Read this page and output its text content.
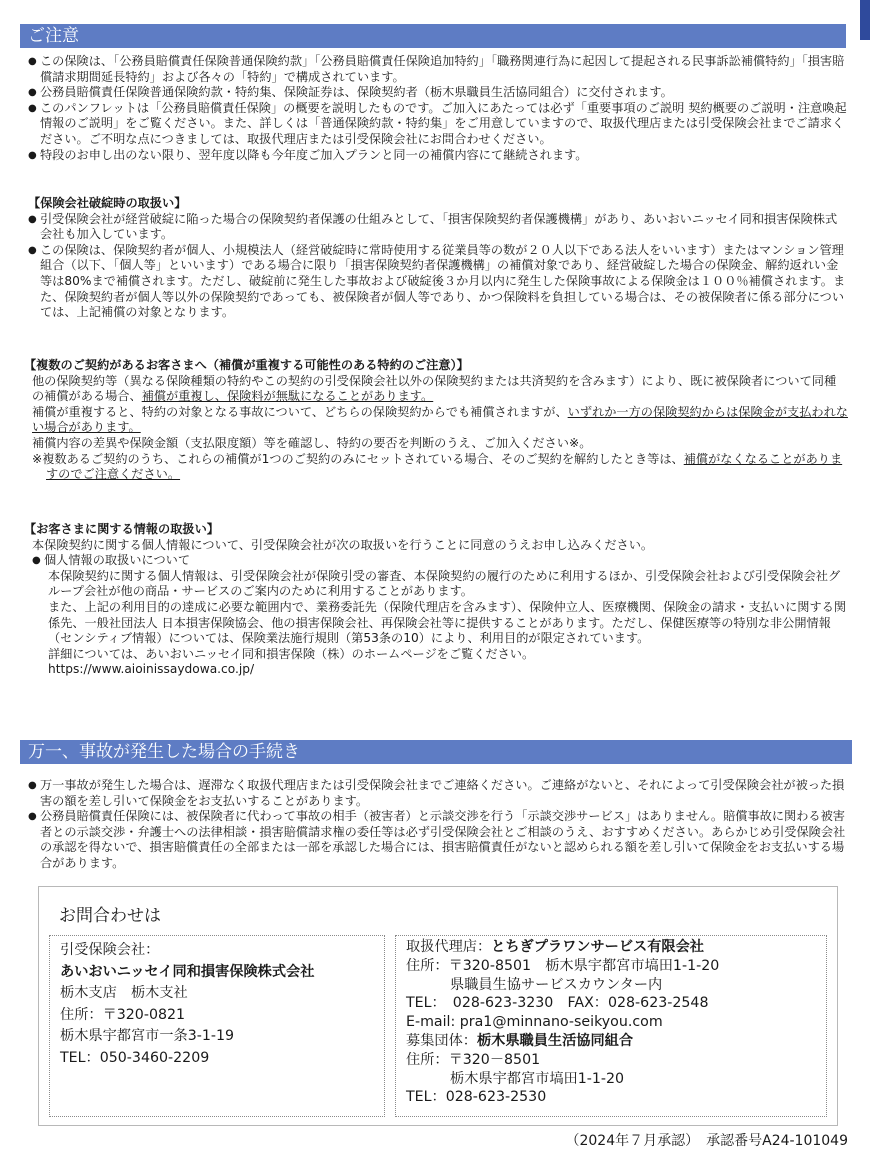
ご注意
● この保険は、「公務員賠償責任保険普通保険約款」「公務員賠償責任保険追加特約」「職務関連行為に起因して提起される民事訴訟補償特約」「損害賠償請求期間延長特約」および各々の「特約」で構成されています。
● 公務員賠償責任保険普通保険約款・特約集、保険証券は、保険契約者（栃木県職員生活協同組合）に交付されます。
● このパンフレットは「公務員賠償責任保険」の概要を説明したものです。ご加入にあたっては必ず「重要事項のご説明 契約概要のご説明・注意喚起情報のご説明」をご覧ください。また、詳しくは「普通保険約款・特約集」をご用意していますので、取扱代理店または引受保険会社までご請求ください。ご不明な点につきましては、取扱代理店または引受保険会社にお問合わせください。
● 特段のお申し出のない限り、翌年度以降も今年度ご加入プランと同一の補償内容にて継続されます。
【保険会社破綻時の取扱い】
● 引受保険会社が経営破綻に陥った場合の保険契約者保護の仕組みとして、「損害保険契約者保護機構」があり、あいおいニッセイ同和損害保険株式会社も加入しています。
● この保険は、保険契約者が個人、小規模法人（経営破綻時に常時使用する従業員等の数が２０人以下である法人をいいます）またはマンション管理組合（以下、「個人等」といいます）である場合に限り「損害保険契約者保護機構」の補償対象であり、経営破綻した場合の保険金、解約返れい金等は80%まで補償されます。ただし、破綻前に発生した事故および破綻後３か月以内に発生した保険事故による保険金は１００％補償されます。また、保険契約者が個人等以外の保険契約であっても、被保険者が個人等であり、かつ保険料を負担している場合は、その被保険者に係る部分については、上記補償の対象となります。
【複数のご契約があるお客さまへ（補償が重複する可能性のある特約のご注意）】
他の保険契約等（異なる保険種類の特約やこの契約の引受保険会社以外の保険契約または共済契約を含みます）により、既に被保険者について同種の補償がある場合、補償が重複し、保険料が無駄になることがあります。
補償が重複すると、特約の対象となる事故について、どちらの保険契約からでも補償されますが、いずれか一方の保険契約からは保険金が支払われない場合があります。
補償内容の差異や保険金額（支払限度額）等を確認し、特約の要否を判断のうえ、ご加入ください※。
※複数あるご契約のうち、これらの補償が1つのご契約のみにセットされている場合、そのご契約を解約したとき等は、補償がなくなることがありますのでご注意ください。
【お客さまに関する情報の取扱い】
本保険契約に関する個人情報について、引受保険会社が次の取扱いを行うことに同意のうえお申し込みください。
● 個人情報の取扱いについて
本保険契約に関する個人情報は、引受保険会社が保険引受の審査、本保険契約の履行のために利用するほか、引受保険会社および引受保険会社グループ会社が他の商品・サービスのご案内のために利用することがあります。
また、上記の利用目的の達成に必要な範囲内で、業務委託先（保険代理店を含みます）、保険仲立人、医療機関、保険金の請求・支払いに関する関係先、一般社団法人 日本損害保険協会、他の損害保険会社、再保険会社等に提供することがあります。ただし、保健医療等の特別な非公開情報（センシティブ情報）については、保険業法施行規則（第53条の10）により、利用目的が限定されています。
詳細については、あいおいニッセイ同和損害保険（株）のホームページをご覧ください。
https://www.aioinissaydowa.co.jp/
万一、事故が発生した場合の手続き
● 万一事故が発生した場合は、遅滞なく取扱代理店または引受保険会社までご連絡ください。ご連絡がないと、それによって引受保険会社が被った損害の額を差し引いて保険金をお支払いすることがあります。
● 公務員賠償責任保険には、被保険者に代わって事故の相手（被害者）と示談交渉を行う「示談交渉サービス」はありません。賠償事故に関わる被害者との示談交渉・弁護士への法律相談・損害賠償請求権の委任等は必ず引受保険会社とご相談のうえ、おすすめください。あらかじめ引受保険会社の承認を得ないで、損害賠償責任の全部または一部を承認した場合には、損害賠償責任がないと認められる額を差し引いて保険金をお支払いする場合があります。
お問合わせは
引受保険会社：
あいおいニッセイ同和損害保険株式会社
栃木支店　栃木支社
住所：〒320-0821
栃木県宇都宮市一条3-1-19
TEL：050-3460-2209
取扱代理店：とちぎプラワンサービス有限会社
住所：〒320-8501　栃木県宇都宮市塙田1-1-20
県職員生協サービスカウンター内
TEL：　028-623-3230　FAX：028-623-2548
E-mail: pra1@minnano-seikyou.com
募集団体：栃木県職員生活協同組合
住所：〒320－8501
栃木県宇都宮市塙田1-1-20
TEL：028-623-2530
（2024年７月承認）　承認番号A24-101049
